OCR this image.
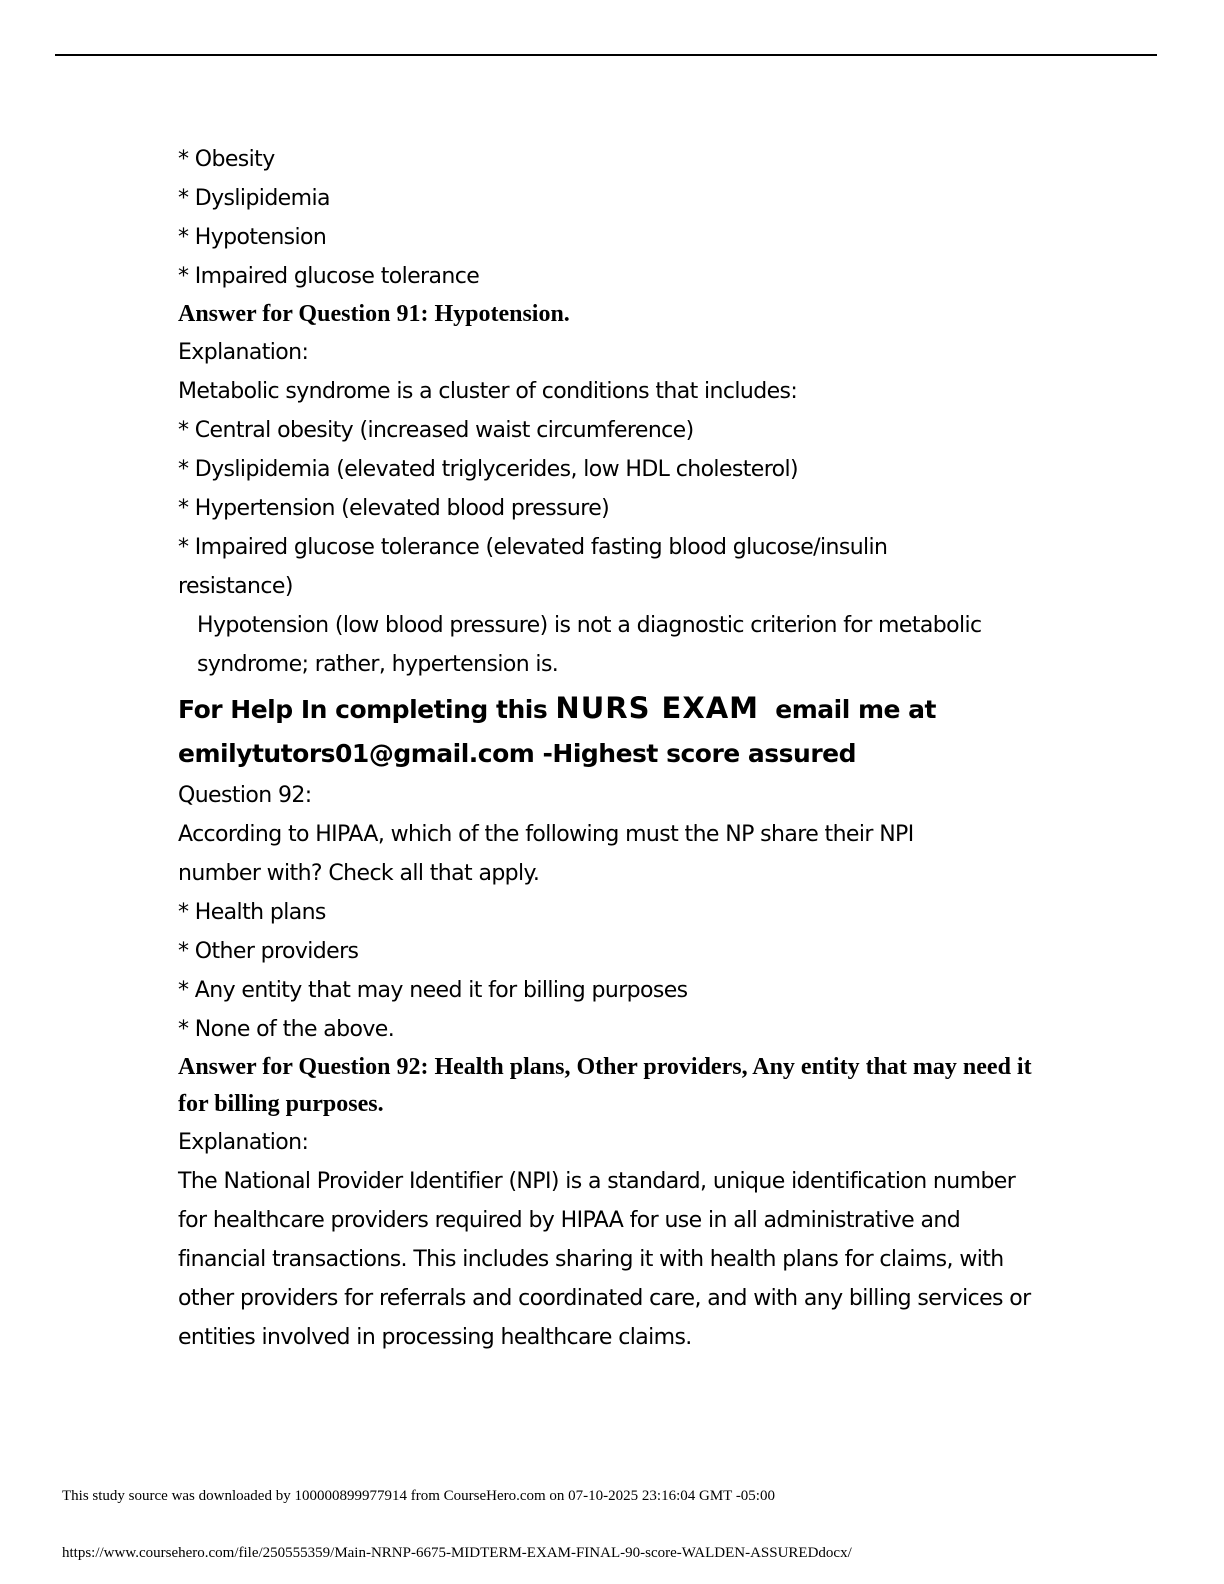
* Obesity
* Dyslipidemia
* Hypotension
* Impaired glucose tolerance
Answer for Question 91: Hypotension.
Explanation:
Metabolic syndrome is a cluster of conditions that includes:
* Central obesity (increased waist circumference)
* Dyslipidemia (elevated triglycerides, low HDL cholesterol)
* Hypertension (elevated blood pressure)
* Impaired glucose tolerance (elevated fasting blood glucose/insulin resistance)
Hypotension (low blood pressure) is not a diagnostic criterion for metabolic syndrome; rather, hypertension is.
For Help In completing this NURS EXAM email me at
emilytutors01@gmail.com -Highest score assured
Question 92:
According to HIPAA, which of the following must the NP share their NPI number with? Check all that apply.
* Health plans
* Other providers
* Any entity that may need it for billing purposes
* None of the above.
Answer for Question 92: Health plans, Other providers, Any entity that may need it for billing purposes.
Explanation:
The National Provider Identifier (NPI) is a standard, unique identification number for healthcare providers required by HIPAA for use in all administrative and financial transactions. This includes sharing it with health plans for claims, with other providers for referrals and coordinated care, and with any billing services or entities involved in processing healthcare claims.
This study source was downloaded by 100000899977914 from CourseHero.com on 07-10-2025 23:16:04 GMT -05:00
https://www.coursehero.com/file/250555359/Main-NRNP-6675-MIDTERM-EXAM-FINAL-90-score-WALDEN-ASSUREDdocx/
